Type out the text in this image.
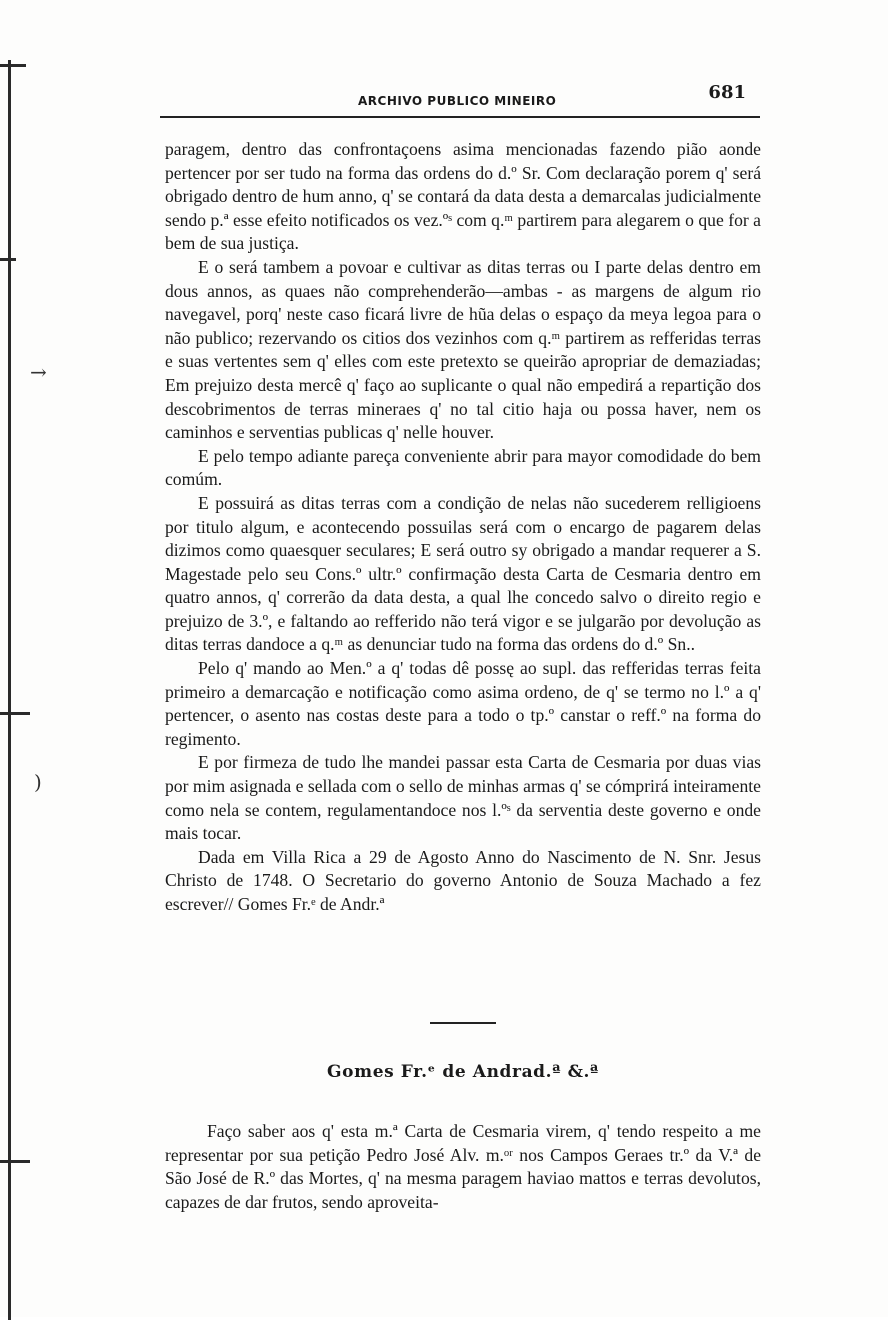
→
)
ARCHIVO PUBLICO MINEIRO	681

paragem, dentro das confrontaçoens asima mencionadas fazendo pião aonde pertencer por ser tudo na forma das ordens do d.º Sr. Com declaração porem q' será obrigado dentro de hum anno, q' se contará da data desta a demarcalas judicialmente sendo p.ª esse efeito notificados os vez.ºˢ com q.ᵐ partirem para alegarem o que for a bem de sua justiça.

E o será tambem a povoar e cultivar as ditas terras ou I parte delas dentro em dous annos, as quaes não comprehenderão—ambas - as margens de algum rio navegavel, porq' neste caso ficará livre de hũa delas o espaço da meya legoa para o não publico; rezervando os citios dos vezinhos com q.ᵐ partirem as refferidas terras e suas vertentes sem q' elles com este pretexto se queirão apropriar de demaziadas; Em prejuizo desta mercê q' faço ao suplicante o qual não empedirá a repartição dos descobrimentos de terras mineraes q' no tal citio haja ou possa haver, nem os caminhos e serventias publicas q' nelle houver.

E pelo tempo adiante pareça conveniente abrir para mayor comodidade do bem comúm.

E possuirá as ditas terras com a condição de nelas não sucederem relligioens por titulo algum, e acontecendo possuilas será com o encargo de pagarem delas dizimos como quaesquer seculares; E será outro sy obrigado a mandar requerer a S. Magestade pelo seu Cons.º ultr.º confirmação desta Carta de Cesmaria dentro em quatro annos, q' correrão da data desta, a qual lhe concedo salvo o direito regio e prejuizo de 3.º, e faltando ao refferido não terá vigor e se julgarão por devolução as ditas terras dandoce a q.ᵐ as denunciar tudo na forma das ordens do d.º Sn..

Pelo q' mando ao Men.º a q' todas dê possę ao supl. das refferidas terras feita primeiro a demarcação e notificação como asima ordeno, de q' se termo no l.º a q' pertencer, o asento nas costas deste para a todo o tp.º canstar o reff.º na forma do regimento.

E por firmeza de tudo lhe mandei passar esta Carta de Cesmaria por duas vias por mim asignada e sellada com o sello de minhas armas q' se cómprirá inteiramente como nela se contem, regulamentandoce nos l.ºˢ da serventia deste governo e onde mais tocar.

Dada em Villa Rica a 29 de Agosto Anno do Nascimento de N. Snr. Jesus Christo de 1748. O Secretario do governo Antonio de Souza Machado a fez escrever// Gomes Fr.ᵉ de Andr.ª

Gomes Fr.ᵉ de Andrad.ª &.ª

Faço saber aos q' esta m.ª Carta de Cesmaria virem, q' tendo respeito a me representar por sua petição Pedro José Alv. m.ᵒʳ nos Campos Geraes tr.º da V.ª de São José de R.º das Mortes, q' na mesma paragem haviao mattos e terras devolutos, capazes de dar frutos, sendo aproveita-
